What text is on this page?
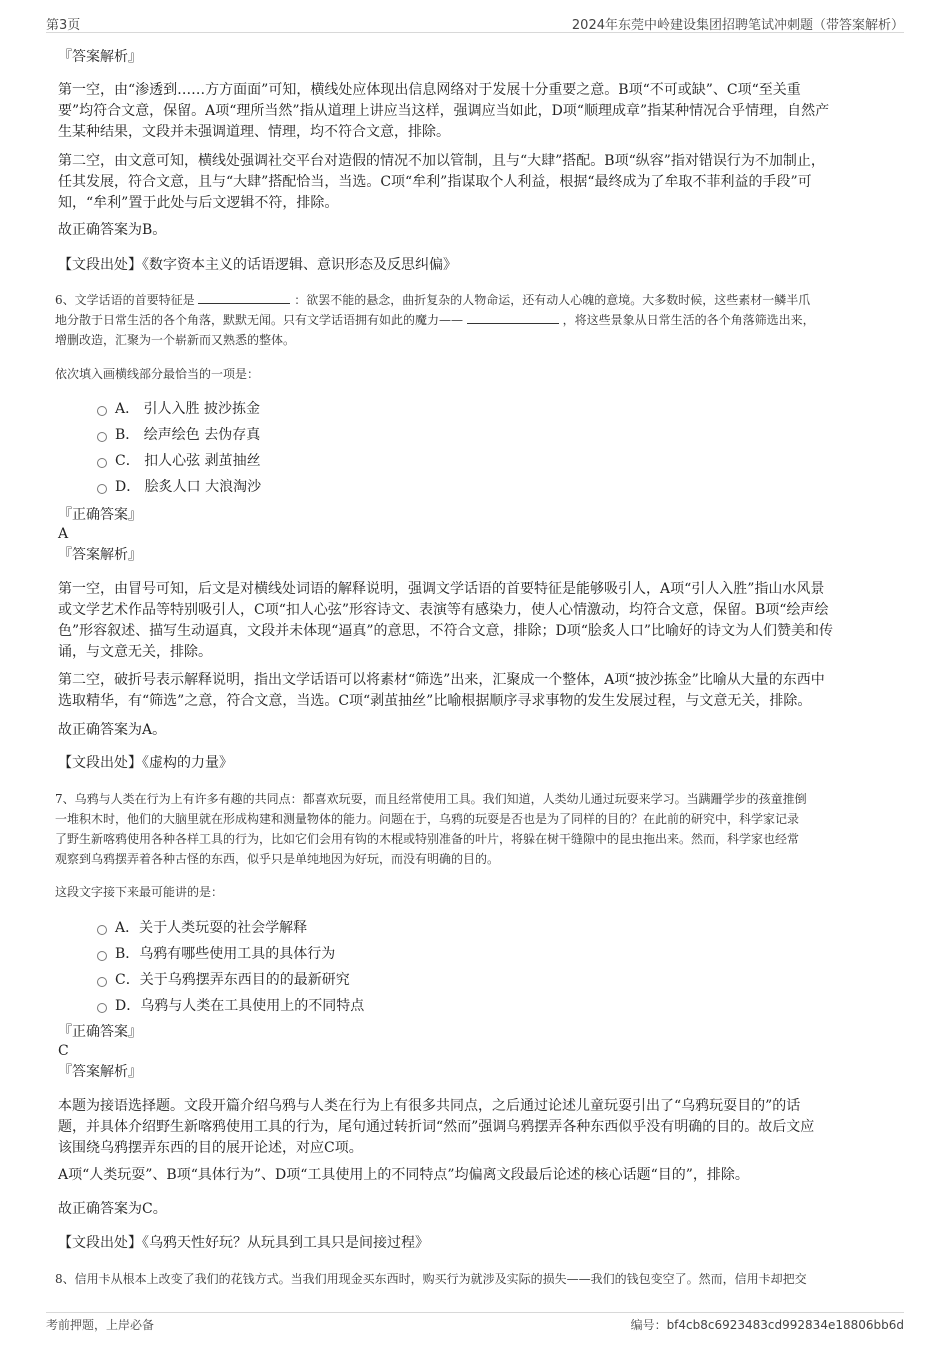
第3页	2024年东莞中岭建设集团招聘笔试冲刺题（带答案解析）
『答案解析』
第一空，由“渗透到……方方面面”可知，横线处应体现出信息网络对于发展十分重要之意。B项“不可或缺”、C项“至关重
要”均符合文意，保留。A项“理所当然”指从道理上讲应当这样，强调应当如此，D项“顺理成章”指某种情况合乎情理，自然产
生某种结果，文段并未强调道理、情理，均不符合文意，排除。
第二空，由文意可知，横线处强调社交平台对造假的情况不加以管制，且与“大肆”搭配。B项“纵容”指对错误行为不加制止，
任其发展，符合文意，且与“大肆”搭配恰当，当选。C项“牟利”指谋取个人利益，根据“最终成为了牟取不菲利益的手段”可
知，“牟利”置于此处与后文逻辑不符，排除。
故正确答案为B。
【文段出处】《数字资本主义的话语逻辑、意识形态及反思纠偏》
6、文学话语的首要特征是	：欲罢不能的悬念，曲折复杂的人物命运，还有动人心魄的意境。大多数时候，这些素材一鳞半爪
地分散于日常生活的各个角落，默默无闻。只有文学话语拥有如此的魔力——	，将这些景象从日常生活的各个角落筛选出来，
增删改造，汇聚为一个崭新而又熟悉的整体。
依次填入画横线部分最恰当的一项是：
A． 引人入胜 披沙拣金
B． 绘声绘色 去伪存真
C． 扣人心弦 剥茧抽丝
D． 脍炙人口 大浪淘沙
『正确答案』
A
『答案解析』
第一空，由冒号可知，后文是对横线处词语的解释说明，强调文学话语的首要特征是能够吸引人，A项“引人入胜”指山水风景
或文学艺术作品等特别吸引人，C项“扣人心弦”形容诗文、表演等有感染力，使人心情激动，均符合文意，保留。B项“绘声绘
色”形容叙述、描写生动逼真，文段并未体现“逼真”的意思，不符合文意，排除；D项“脍炙人口”比喻好的诗文为人们赞美和传
诵，与文意无关，排除。
第二空，破折号表示解释说明，指出文学话语可以将素材“筛选”出来，汇聚成一个整体，A项“披沙拣金”比喻从大量的东西中
选取精华，有“筛选”之意，符合文意，当选。C项“剥茧抽丝”比喻根据顺序寻求事物的发生发展过程，与文意无关，排除。
故正确答案为A。
【文段出处】《虚构的力量》
7、乌鸦与人类在行为上有许多有趣的共同点：都喜欢玩耍，而且经常使用工具。我们知道，人类幼儿通过玩耍来学习。当蹒跚学步的孩童推倒
一堆积木时，他们的大脑里就在形成构建和测量物体的能力。问题在于，乌鸦的玩耍是否也是为了同样的目的？在此前的研究中，科学家记录
了野生新喀鸦使用各种各样工具的行为，比如它们会用有钩的木棍或特别准备的叶片，将躲在树干缝隙中的昆虫拖出来。然而，科学家也经常
观察到乌鸦摆弄着各种古怪的东西，似乎只是单纯地因为好玩，而没有明确的目的。
这段文字接下来最可能讲的是：
A．关于人类玩耍的社会学解释
B．乌鸦有哪些使用工具的具体行为
C．关于乌鸦摆弄东西目的的最新研究
D．乌鸦与人类在工具使用上的不同特点
『正确答案』
C
『答案解析』
本题为接语选择题。文段开篇介绍乌鸦与人类在行为上有很多共同点，之后通过论述儿童玩耍引出了“乌鸦玩耍目的”的话
题，并具体介绍野生新喀鸦使用工具的行为，尾句通过转折词“然而”强调乌鸦摆弄各种东西似乎没有明确的目的。故后文应
该围绕乌鸦摆弄东西的目的展开论述，对应C项。
A项“人类玩耍”、B项“具体行为”、D项“工具使用上的不同特点”均偏离文段最后论述的核心话题“目的”，排除。
故正确答案为C。
【文段出处】《乌鸦天性好玩？从玩具到工具只是间接过程》
8、信用卡从根本上改变了我们的花钱方式。当我们用现金买东西时，购买行为就涉及实际的损失——我们的钱包变空了。然而，信用卡却把交
考前押题，上岸必备	编号：bf4cb8c6923483cd992834e18806bb6d
